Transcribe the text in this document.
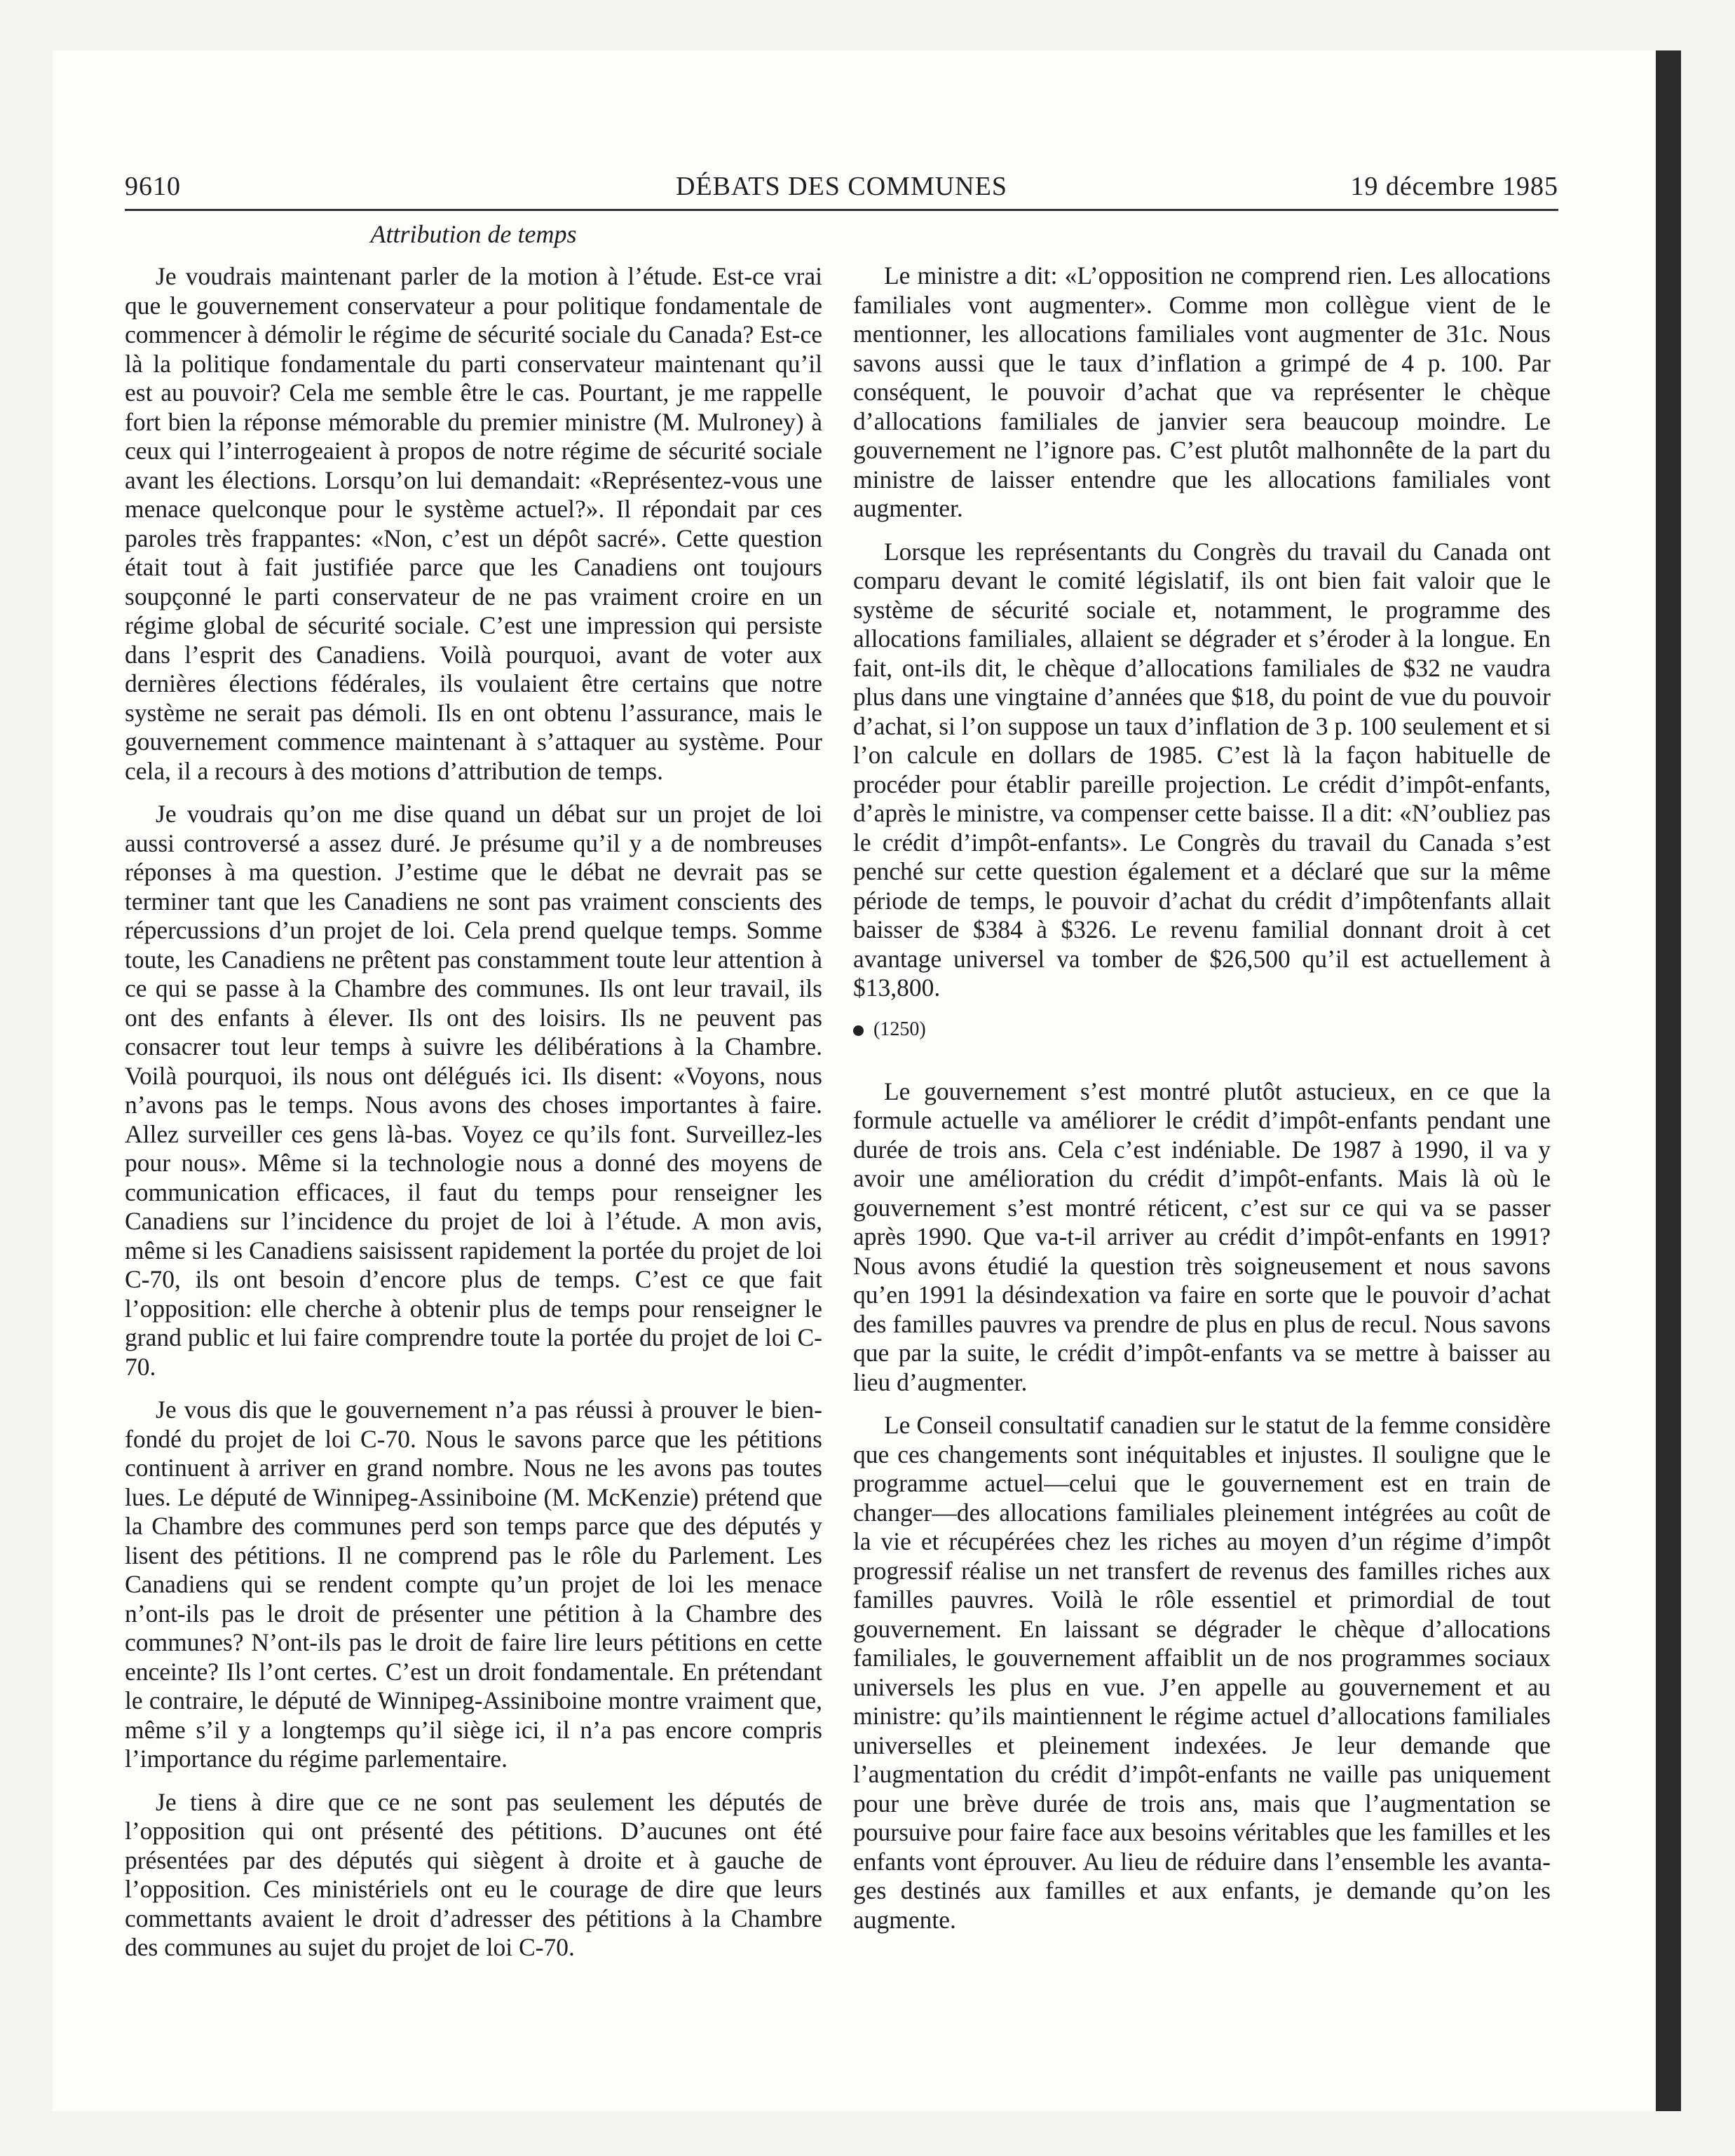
9610	DÉBATS DES COMMUNES	19 décembre 1985
Attribution de temps

Je voudrais maintenant parler de la motion à l’étude. Est-ce vrai que le gouvernement conservateur a pour politique fondamentale de commencer à démolir le régime de sécurité sociale du Canada? Est-ce là la politique fondamentale du parti conservateur maintenant qu’il est au pouvoir? Cela me semble être le cas. Pourtant, je me rappelle fort bien la réponse mémorable du premier ministre (M. Mulroney) à ceux qui l’interrogeaient à propos de notre régime de sécurité sociale avant les élections. Lorsqu’on lui demandait: «Représentez-vous une menace quelconque pour le système actuel?». Il répondait par ces paroles très frappantes: «Non, c’est un dépôt sacré». Cette question était tout à fait justifiée parce que les Canadiens ont toujours soupçonné le parti conservateur de ne pas vraiment croire en un régime global de sécurité sociale. C’est une impression qui persiste dans l’esprit des Canadiens. Voilà pourquoi, avant de voter aux dernières élections fédérales, ils voulaient être certains que notre système ne serait pas démoli. Ils en ont obtenu l’assurance, mais le gouvernement commence maintenant à s’attaquer au système. Pour cela, il a recours à des motions d’attribution de temps.

Je voudrais qu’on me dise quand un débat sur un projet de loi aussi controversé a assez duré. Je présume qu’il y a de nombreuses réponses à ma question. J’estime que le débat ne devrait pas se terminer tant que les Canadiens ne sont pas vraiment conscients des répercussions d’un projet de loi. Cela prend quelque temps. Somme toute, les Canadiens ne prêtent pas constamment toute leur attention à ce qui se passe à la Chambre des communes. Ils ont leur travail, ils ont des enfants à élever. Ils ont des loisirs. Ils ne peuvent pas consacrer tout leur temps à suivre les délibérations à la Chambre. Voilà pourquoi, ils nous ont délégués ici. Ils disent: «Voyons, nous n’avons pas le temps. Nous avons des choses importantes à faire. Allez surveiller ces gens là-bas. Voyez ce qu’ils font. Surveillez-les pour nous». Même si la technologie nous a donné des moyens de communication efficaces, il faut du temps pour renseigner les Canadiens sur l’incidence du projet de loi à l’étude. A mon avis, même si les Canadiens saisissent rapidement la portée du projet de loi C-70, ils ont besoin d’encore plus de temps. C’est ce que fait l’opposition: elle cherche à obtenir plus de temps pour renseigner le grand public et lui faire comprendre toute la portée du projet de loi C-70.

Je vous dis que le gouvernement n’a pas réussi à prouver le bien-fondé du projet de loi C-70. Nous le savons parce que les pétitions continuent à arriver en grand nombre. Nous ne les avons pas toutes lues. Le député de Winnipeg-Assiniboine (M. McKenzie) prétend que la Chambre des communes perd son temps parce que des députés y lisent des pétitions. Il ne comprend pas le rôle du Parlement. Les Canadiens qui se rendent compte qu’un projet de loi les menace n’ont-ils pas le droit de présenter une pétition à la Chambre des communes? N’ont-ils pas le droit de faire lire leurs pétitions en cette enceinte? Ils l’ont certes. C’est un droit fondamentale. En prétendant le contraire, le député de Winnipeg-Assiniboine montre vraiment que, même s’il y a longtemps qu’il siège ici, il n’a pas encore compris l’importance du régime parlementaire.

Je tiens à dire que ce ne sont pas seulement les députés de l’opposition qui ont présenté des pétitions. D’aucunes ont été présentées par des députés qui siègent à droite et à gauche de l’opposition. Ces ministériels ont eu le courage de dire que leurs commettants avaient le droit d’adresser des pétitions à la Chambre des communes au sujet du projet de loi C-70.

Le ministre a dit: «L’opposition ne comprend rien. Les allocations familiales vont augmenter». Comme mon collègue vient de le mentionner, les allocations familiales vont augmenter de 31c. Nous savons aussi que le taux d’inflation a grimpé de 4 p. 100. Par conséquent, le pouvoir d’achat que va représenter le chèque d’allocations familiales de janvier sera beaucoup moindre. Le gouvernement ne l’ignore pas. C’est plutôt malhonnête de la part du ministre de laisser entendre que les allocations familiales vont augmenter.

Lorsque les représentants du Congrès du travail du Canada ont comparu devant le comité législatif, ils ont bien fait valoir que le système de sécurité sociale et, notamment, le programme des allocations familiales, allaient se dégrader et s’éroder à la longue. En fait, ont-ils dit, le chèque d’allocations familiales de $32 ne vaudra plus dans une vingtaine d’années que $18, du point de vue du pouvoir d’achat, si l’on suppose un taux d’inflation de 3 p. 100 seulement et si l’on calcule en dollars de 1985. C’est là la façon habituelle de procéder pour établir pareille projection. Le crédit d’impôt-enfants, d’après le ministre, va compenser cette baisse. Il a dit: «N’oubliez pas le crédit d’impôt-enfants». Le Congrès du travail du Canada s’est penché sur cette question également et a déclaré que sur la même période de temps, le pouvoir d’achat du crédit d’impôtenfants allait baisser de $384 à $326. Le revenu familial donnant droit à cet avantage universel va tomber de $26,500 qu’il est actuellement à $13,800.

(1250)

Le gouvernement s’est montré plutôt astucieux, en ce que la formule actuelle va améliorer le crédit d’impôt-enfants pendant une durée de trois ans. Cela c’est indéniable. De 1987 à 1990, il va y avoir une amélioration du crédit d’impôt-enfants. Mais là où le gouvernement s’est montré réticent, c’est sur ce qui va se passer après 1990. Que va-t-il arriver au crédit d’impôt-enfants en 1991? Nous avons étudié la question très soigneusement et nous savons qu’en 1991 la désindexation va faire en sorte que le pouvoir d’achat des familles pauvres va prendre de plus en plus de recul. Nous savons que par la suite, le crédit d’impôt-enfants va se mettre à baisser au lieu d’augmenter.

Le Conseil consultatif canadien sur le statut de la femme considère que ces changements sont inéquitables et injustes. Il souligne que le programme actuel—celui que le gouvernement est en train de changer—des allocations familiales pleinement intégrées au coût de la vie et récupérées chez les riches au moyen d’un régime d’impôt progressif réalise un net transfert de revenus des familles riches aux familles pauvres. Voilà le rôle essentiel et primordial de tout gouvernement. En laissant se dégrader le chèque d’allocations familiales, le gouvernement affaiblit un de nos programmes sociaux universels les plus en vue. J’en appelle au gouvernement et au ministre: qu’ils maintiennent le régime actuel d’allocations familiales universelles et pleinement indexées. Je leur demande que l’augmentation du crédit d’impôt-enfants ne vaille pas uniquement pour une brève durée de trois ans, mais que l’augmentation se poursuive pour faire face aux besoins véritables que les familles et les enfants vont éprouver. Au lieu de réduire dans l’ensemble les avantages destinés aux familles et aux enfants, je demande qu’on les augmente.
